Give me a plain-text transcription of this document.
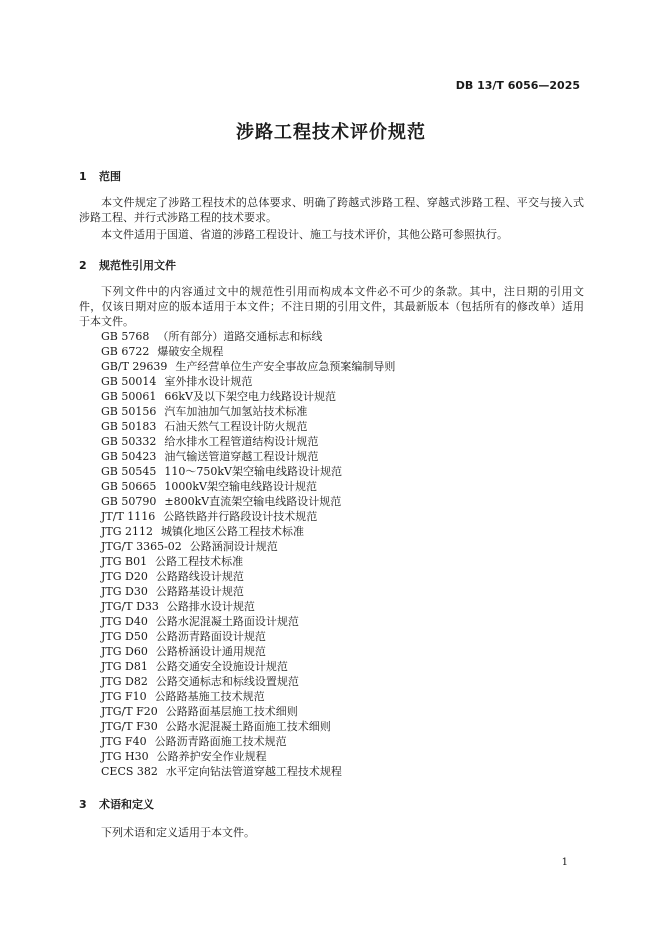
DB 13/T 6056—2025
涉路工程技术评价规范
1 范围
本文件规定了涉路工程技术的总体要求、明确了跨越式涉路工程、穿越式涉路工程、平交与接入式涉路工程、并行式涉路工程的技术要求。
本文件适用于国道、省道的涉路工程设计、施工与技术评价，其他公路可参照执行。
2 规范性引用文件
下列文件中的内容通过文中的规范性引用而构成本文件必不可少的条款。其中，注日期的引用文件，仅该日期对应的版本适用于本文件；不注日期的引用文件，其最新版本（包括所有的修改单）适用于本文件。
GB 5768 （所有部分）道路交通标志和标线
GB 6722 爆破安全规程
GB/T 29639 生产经营单位生产安全事故应急预案编制导则
GB 50014 室外排水设计规范
GB 50061 66kV及以下架空电力线路设计规范
GB 50156 汽车加油加气加氢站技术标准
GB 50183 石油天然气工程设计防火规范
GB 50332 给水排水工程管道结构设计规范
GB 50423 油气输送管道穿越工程设计规范
GB 50545 110～750kV架空输电线路设计规范
GB 50665 1000kV架空输电线路设计规范
GB 50790 ±800kV直流架空输电线路设计规范
JT/T 1116 公路铁路并行路段设计技术规范
JTG 2112 城镇化地区公路工程技术标准
JTG/T 3365-02 公路涵洞设计规范
JTG B01 公路工程技术标准
JTG D20 公路路线设计规范
JTG D30 公路路基设计规范
JTG/T D33 公路排水设计规范
JTG D40 公路水泥混凝土路面设计规范
JTG D50 公路沥青路面设计规范
JTG D60 公路桥涵设计通用规范
JTG D81 公路交通安全设施设计规范
JTG D82 公路交通标志和标线设置规范
JTG F10 公路路基施工技术规范
JTG/T F20 公路路面基层施工技术细则
JTG/T F30 公路水泥混凝土路面施工技术细则
JTG F40 公路沥青路面施工技术规范
JTG H30 公路养护安全作业规程
CECS 382 水平定向钻法管道穿越工程技术规程
3 术语和定义
下列术语和定义适用于本文件。
1
